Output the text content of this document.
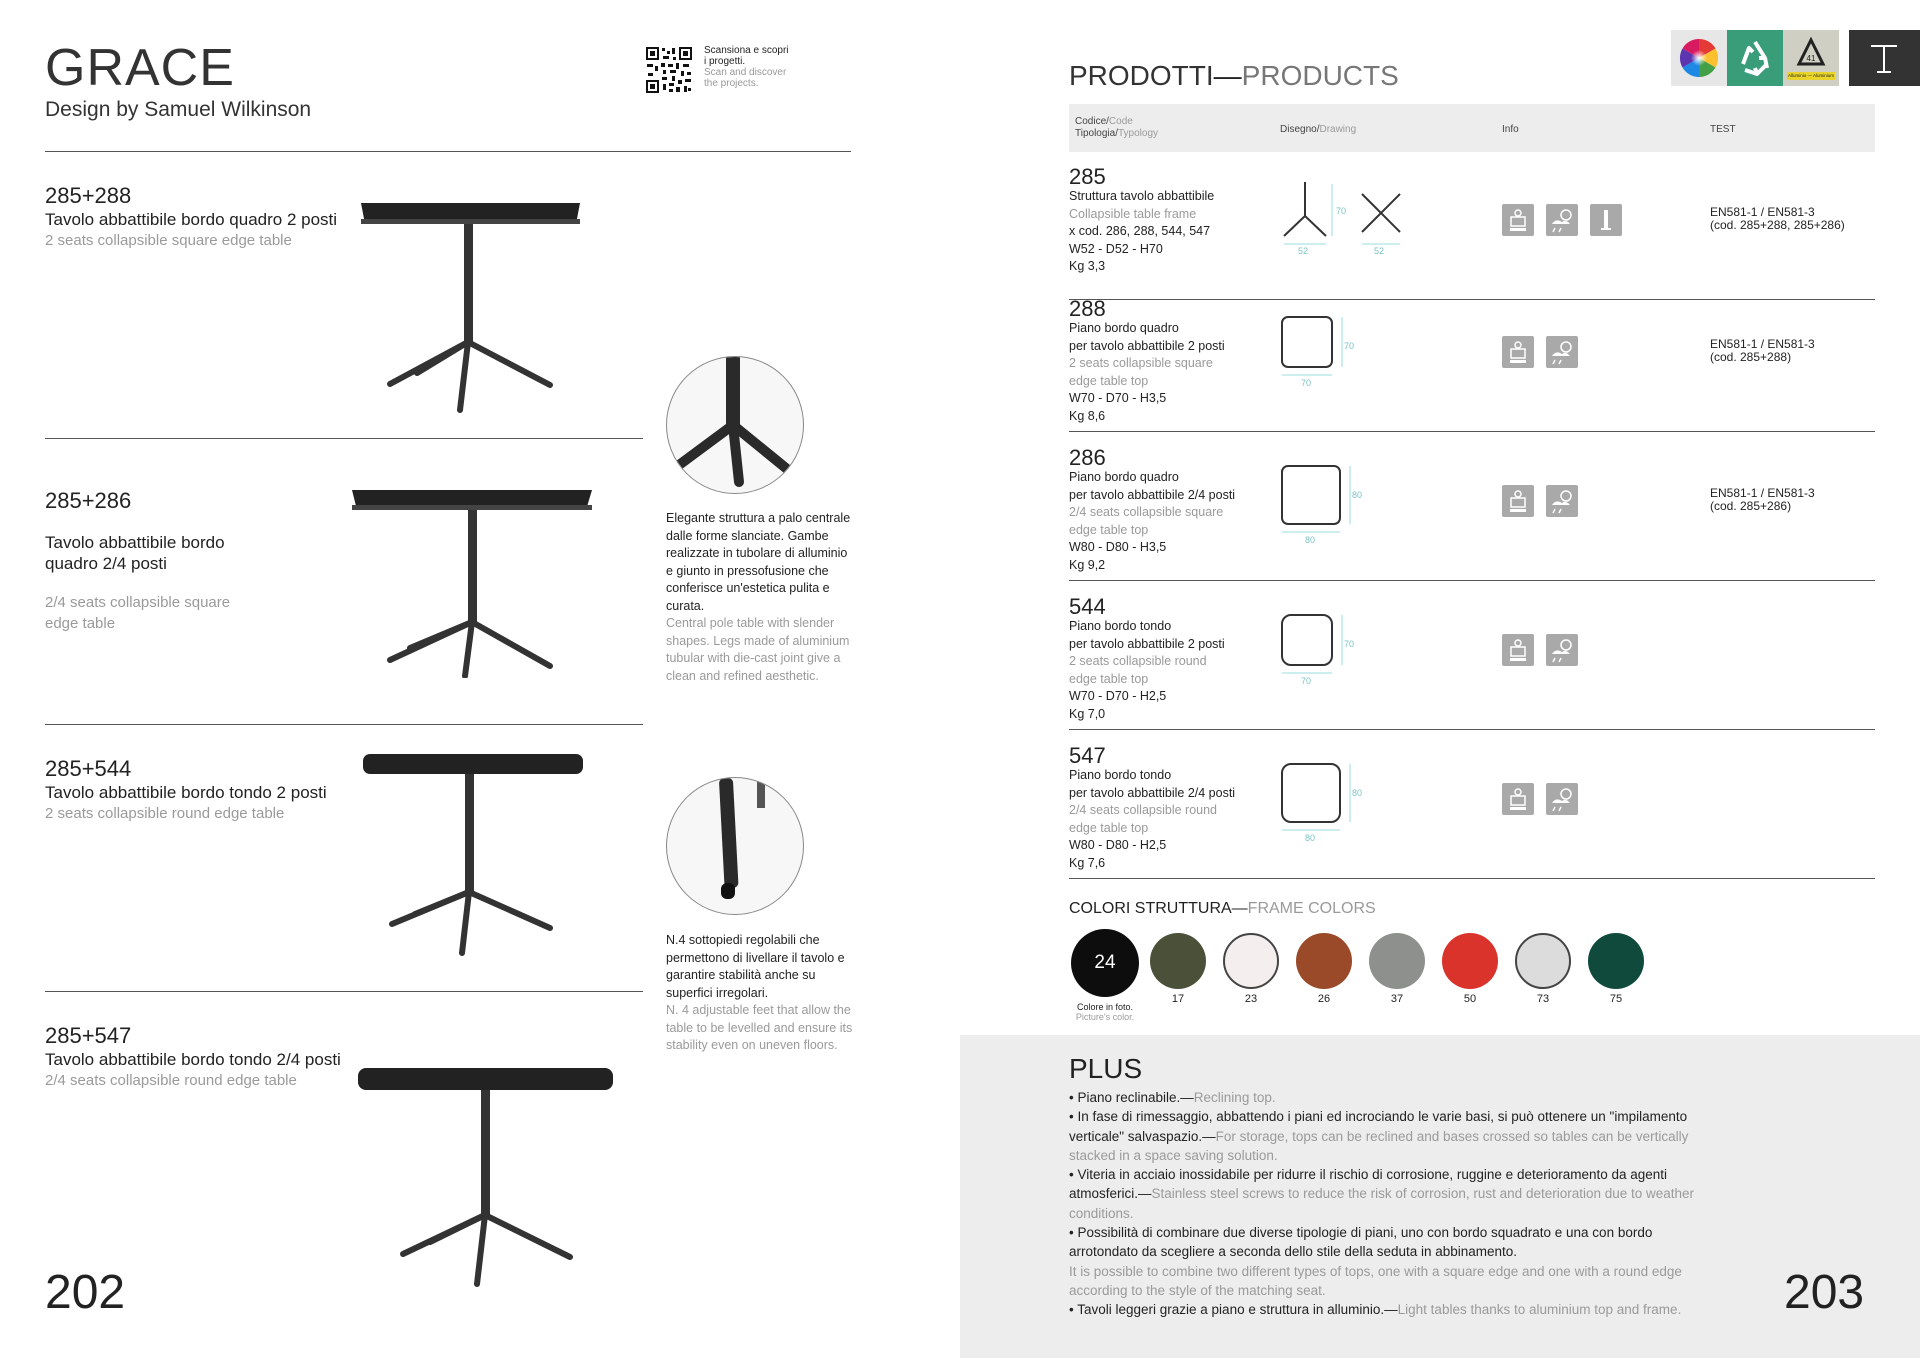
GRACE
Design by Samuel Wilkinson
Scansiona e scopri
i progetti.
Scan and discover
the projects.
285+288
Tavolo abbattibile bordo quadro 2 posti
2 seats collapsible square edge table

285+286

Tavolo abbattibile bordo
quadro 2/4 posti

2/4 seats collapsible square
edge table

285+544
Tavolo abbattibile bordo tondo 2 posti
2 seats collapsible round edge table
285+547
Tavolo abbattibile bordo tondo 2/4 posti
2/4 seats collapsible round edge table
Elegante struttura a palo centrale dalle forme slanciate. Gambe realizzate in tubolare di alluminio e giunto in pressofusione che conferisce un'estetica pulita e curata.
Central pole table with slender shapes. Legs made of aluminium tubular with die-cast joint give a clean and refined aesthetic.
N.4 sottopiedi regolabili che permettono di livellare il tavolo e garantire stabilità anche su superfici irregolari.
N. 4 adjustable feet that allow the table to be levelled and ensure its stability even on uneven floors.
202
41
Alluminio — Aluminium
PRODOTTI—PRODUCTS
Codice/Code
Tipologia/Typology	Disegno/Drawing	Info	TEST
285
Struttura tavolo abbattibile
Collapsible table frame
x cod. 286, 288, 544, 547
W52 - D52 - H70
Kg 3,3
70
52	52
EN581-1 / EN581-3
(cod. 285+288, 285+286)
288
Piano bordo quadro
per tavolo abbattibile 2 posti
2 seats collapsible square
edge table top
W70 - D70 - H3,5
Kg 8,6
70
70
EN581-1 / EN581-3
(cod. 285+288)
286
Piano bordo quadro
per tavolo abbattibile 2/4 posti
2/4 seats collapsible square
edge table top
W80 - D80 - H3,5
Kg 9,2
80
80
EN581-1 / EN581-3
(cod. 285+286)
544
Piano bordo tondo
per tavolo abbattibile 2 posti
2 seats collapsible round
edge table top
W70 - D70 - H2,5
Kg 7,0
70
70
547
Piano bordo tondo
per tavolo abbattibile 2/4 posti
2/4 seats collapsible round
edge table top
W80 - D80 - H2,5
Kg 7,6
80
80
COLORI STRUTTURA—FRAME COLORS
24
17	23	26	37	50	73	75
Colore in foto.
Picture's color.
PLUS

• Piano reclinabile.—Reclining top.

• In fase di rimessaggio, abbattendo i piani ed incrociando le varie basi, si può ottenere un "impilamento verticale" salvaspazio.—For storage, tops can be reclined and bases crossed so tables can be vertically stacked in a space saving solution.

• Viteria in acciaio inossidabile per ridurre il rischio di corrosione, ruggine e deterioramento da agenti atmosferici.—Stainless steel screws to reduce the risk of corrosion, rust and deterioration due to weather conditions.

• Possibilità di combinare due diverse tipologie di piani, uno con bordo squadrato e una con bordo arrotondato da scegliere a seconda dello stile della seduta in abbinamento.
It is possible to combine two different types of tops, one with a square edge and one with a round edge according to the style of the matching seat.

• Tavoli leggeri grazie a piano e struttura in alluminio.—Light tables thanks to aluminium top and frame.	203
